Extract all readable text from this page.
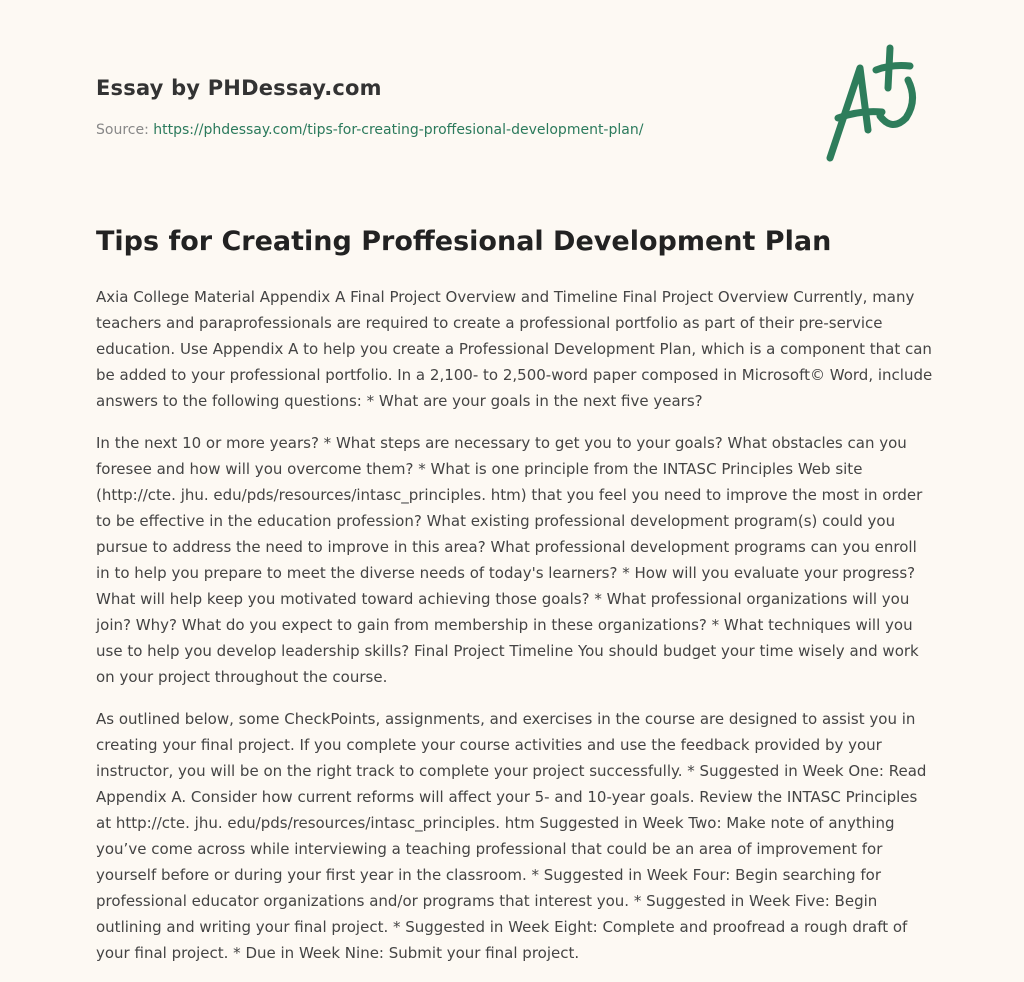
Essay by PHDessay.com
Source: https://phdessay.com/tips-for-creating-proffesional-development-plan/
Tips for Creating Proffesional Development Plan

Axia College Material Appendix A Final Project Overview and Timeline Final Project Overview Currently, many teachers and paraprofessionals are required to create a professional portfolio as part of their pre-service education. Use Appendix A to help you create a Professional Development Plan, which is a component that can be added to your professional portfolio. In a 2,100- to 2,500-word paper composed in Microsoft© Word, include answers to the following questions: * What are your goals in the next five years?

In the next 10 or more years? * What steps are necessary to get you to your goals? What obstacles can you foresee and how will you overcome them? * What is one principle from the INTASC Principles Web site (http://cte. jhu. edu/pds/resources/intasc_principles. htm) that you feel you need to improve the most in order to be effective in the education profession? What existing professional development program(s) could you pursue to address the need to improve in this area? What professional development programs can you enroll in to help you prepare to meet the diverse needs of today's learners? * How will you evaluate your progress? What will help keep you motivated toward achieving those goals? * What professional organizations will you join? Why? What do you expect to gain from membership in these organizations? * What techniques will you use to help you develop leadership skills? Final Project Timeline You should budget your time wisely and work on your project throughout the course.

As outlined below, some CheckPoints, assignments, and exercises in the course are designed to assist you in creating your final project. If you complete your course activities and use the feedback provided by your instructor, you will be on the right track to complete your project successfully. * Suggested in Week One: Read Appendix A. Consider how current reforms will affect your 5- and 10-year goals. Review the INTASC Principles at http://cte. jhu. edu/pds/resources/intasc_principles. htm Suggested in Week Two: Make note of anything you’ve come across while interviewing a teaching professional that could be an area of improvement for yourself before or during your first year in the classroom. * Suggested in Week Four: Begin searching for professional educator organizations and/or programs that interest you. * Suggested in Week Five: Begin outlining and writing your final project. * Suggested in Week Eight: Complete and proofread a rough draft of your final project. * Due in Week Nine: Submit your final project.
